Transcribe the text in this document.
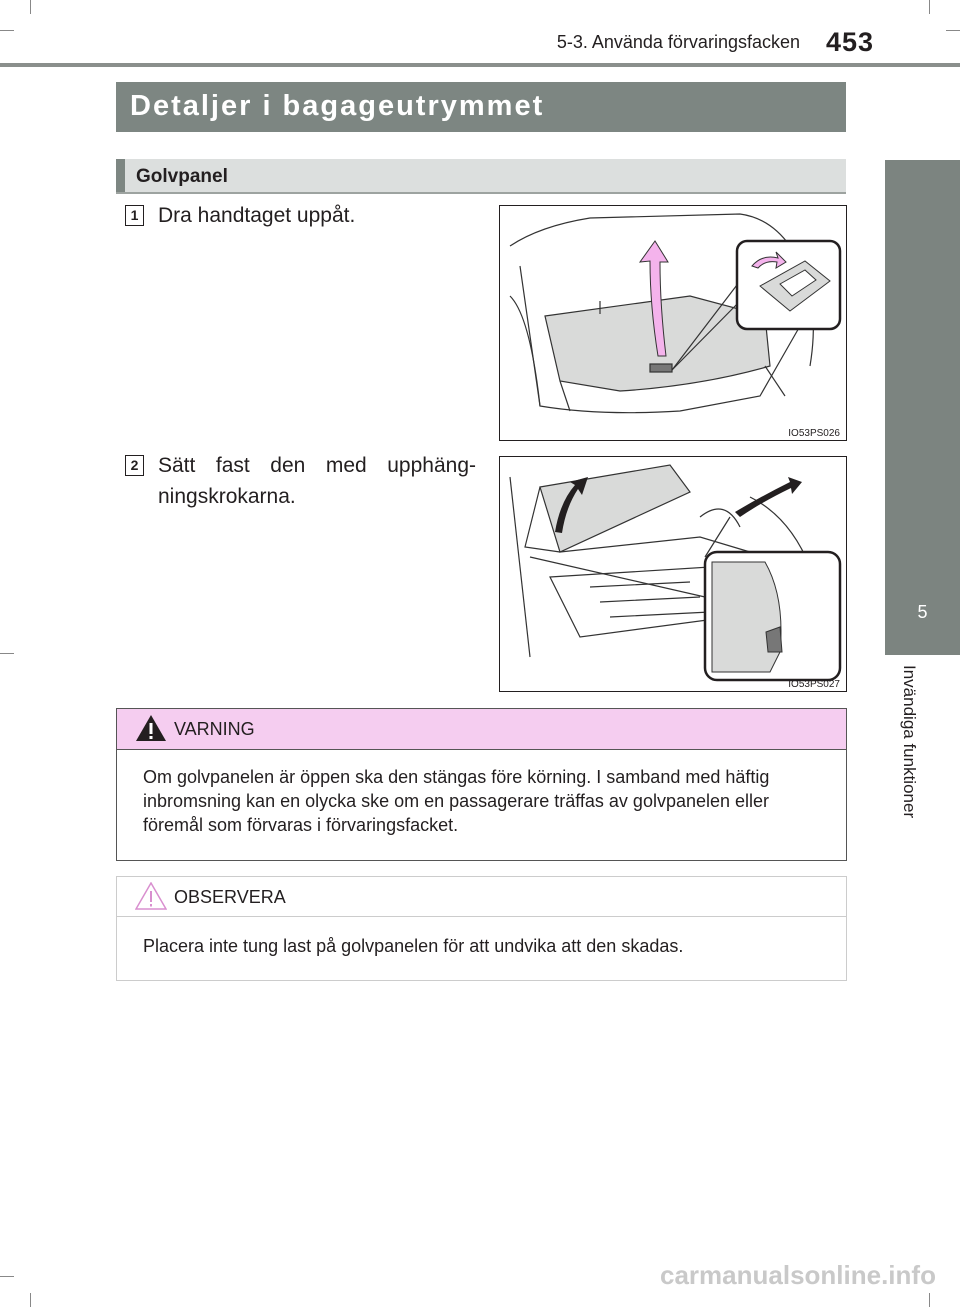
5-3. Använda förvaringsfacken 453
5
Invändiga funktioner
Detaljer i bagageutrymmet
Golvpanel
1 Dra handtaget uppåt.
IO53PS026
2 Sätt fast den med upphäng-ningskrokarna.
IO53PS027
VARNING
Om golvpanelen är öppen ska den stängas före körning. I samband med häftig inbromsning kan en olycka ske om en passagerare träffas av golvpanelen eller föremål som förvaras i förvaringsfacket.
OBSERVERA
Placera inte tung last på golvpanelen för att undvika att den skadas.
carmanualsonline.info
